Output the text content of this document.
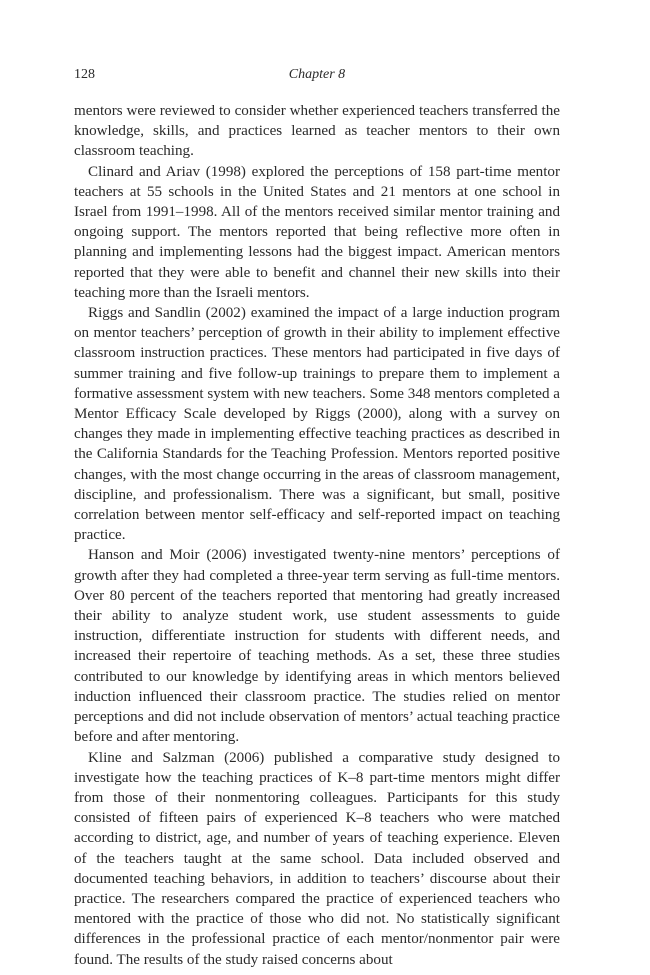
128	Chapter 8

mentors were reviewed to consider whether experienced teachers transferred the knowledge, skills, and practices learned as teacher mentors to their own classroom teaching.

Clinard and Ariav (1998) explored the perceptions of 158 part-time mentor teachers at 55 schools in the United States and 21 mentors at one school in Israel from 1991–1998. All of the mentors received similar mentor training and ongoing support. The mentors reported that being reflective more often in planning and implementing lessons had the biggest impact. American mentors reported that they were able to benefit and channel their new skills into their teaching more than the Israeli mentors.

Riggs and Sandlin (2002) examined the impact of a large induction program on mentor teachers’ perception of growth in their ability to implement effective classroom instruction practices. These mentors had participated in five days of summer training and five follow-up trainings to prepare them to implement a formative assessment system with new teachers. Some 348 mentors completed a Mentor Efficacy Scale developed by Riggs (2000), along with a survey on changes they made in implementing effective teaching practices as described in the California Standards for the Teaching Profession. Mentors reported positive changes, with the most change occurring in the areas of classroom management, discipline, and professionalism. There was a significant, but small, positive correlation between mentor self-efficacy and self-reported impact on teaching practice.

Hanson and Moir (2006) investigated twenty-nine mentors’ perceptions of growth after they had completed a three-year term serving as full-time mentors. Over 80 percent of the teachers reported that mentoring had greatly increased their ability to analyze student work, use student assessments to guide instruction, differentiate instruction for students with different needs, and increased their repertoire of teaching methods. As a set, these three studies contributed to our knowledge by identifying areas in which mentors believed induction influenced their classroom practice. The studies relied on mentor perceptions and did not include observation of mentors’ actual teaching practice before and after mentoring.

Kline and Salzman (2006) published a comparative study designed to investigate how the teaching practices of K–8 part-time mentors might differ from those of their nonmentoring colleagues. Participants for this study consisted of fifteen pairs of experienced K–8 teachers who were matched according to district, age, and number of years of teaching experience. Eleven of the teachers taught at the same school. Data included observed and documented teaching behaviors, in addition to teachers’ discourse about their practice. The researchers compared the practice of experienced teachers who mentored with the practice of those who did not. No statistically significant differences in the professional practice of each mentor/​nonmentor pair were found. The results of the study raised concerns about
